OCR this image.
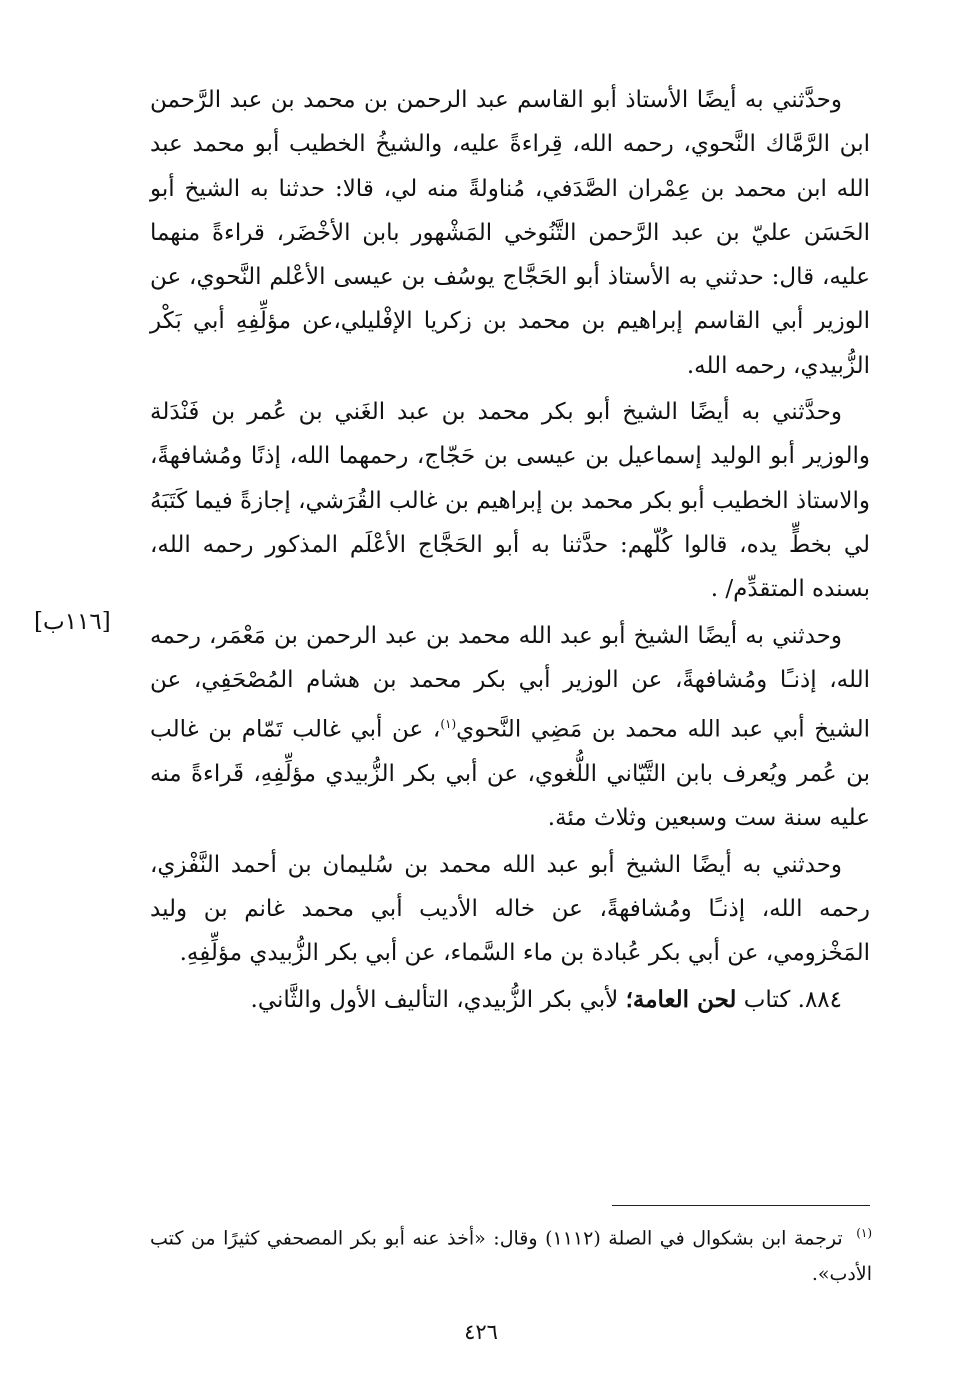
وحدَّثني به أيضًا الأستاذ أبو القاسم عبد الرحمن بن محمد بن عبد الرَّحمن ابن الرَّمَّاك النَّحوي، رحمه الله، قِراءةً عليه، والشيخُ الخطيب أبو محمد عبد الله ابن محمد بن عِمْران الصَّدَفي، مُناولةً منه لي، قالا: حدثنا به الشيخ أبو الحَسَن عليّ بن عبد الرَّحمن التَّنُوخي المَشْهور بابن الأخْضَر، قراءةً منهما عليه، قال: حدثني به الأستاذ أبو الحَجَّاج يوسُف بن عيسى الأعْلم النَّحوي، عن الوزير أبي القاسم إبراهيم بن محمد بن زكريا الإفْليلي،عن مؤلِّفِهِ أبي بَكْر الزُّبيدي، رحمه الله.

وحدَّثني به أيضًا الشيخ أبو بكر محمد بن عبد الغَني بن عُمر بن فَنْدَلة والوزير أبو الوليد إسماعيل بن عيسى بن حَجّاج، رحمهما الله، إذنًا ومُشافهةً، والاستاذ الخطيب أبو بكر محمد بن إبراهيم بن غالب القُرَشي، إجازةً فيما كَتَبَهُ لي بخطٍّ يده، قالوا كُلّهم: حدَّثنا به أبو الحَجَّاج الأعْلَم المذكور رحمه الله، بسنده المتقدِّم/ .

وحدثني به أيضًا الشيخ أبو عبد الله محمد بن عبد الرحمن بن مَعْمَر، رحمه الله، إذنـًا ومُشافهةً، عن الوزير أبي بكر محمد بن هشام المُصْحَفِي، عن الشيخ أبي عبد الله محمد بن مَضِي النَّحوي$^{(١)}$، عن أبي غالب تَمّام بن غالب بن عُمر ويُعرف بابن التَّيّاني اللُّغوي، عن أبي بكر الزُّبيدي مؤلِّفِهِ، قَراءةً منه عليه سنة ست وسبعين وثلاث مئة.

وحدثني به أيضًا الشيخ أبو عبد الله محمد بن سُليمان بن أحمد النَّفْزي، رحمه الله، إذنـًا ومُشافهةً، عن خاله الأديب أبي محمد غانم بن وليد المَخْزومي، عن أبي بكر عُبادة بن ماء السَّماء، عن أبي بكر الزُّبيدي مؤلِّفِهِ.

٨٨٤. كتاب لحن العامة؛ لأبي بكر الزُّبيدي، التأليف الأول والثَّاني.

[١١٦ب]
$^{(١)}$ ترجمة ابن بشكوال في الصلة (١١١٢) وقال: «أخذ عنه أبو بكر المصحفي كثيرًا من كتب الأدب».
٤٢٦
